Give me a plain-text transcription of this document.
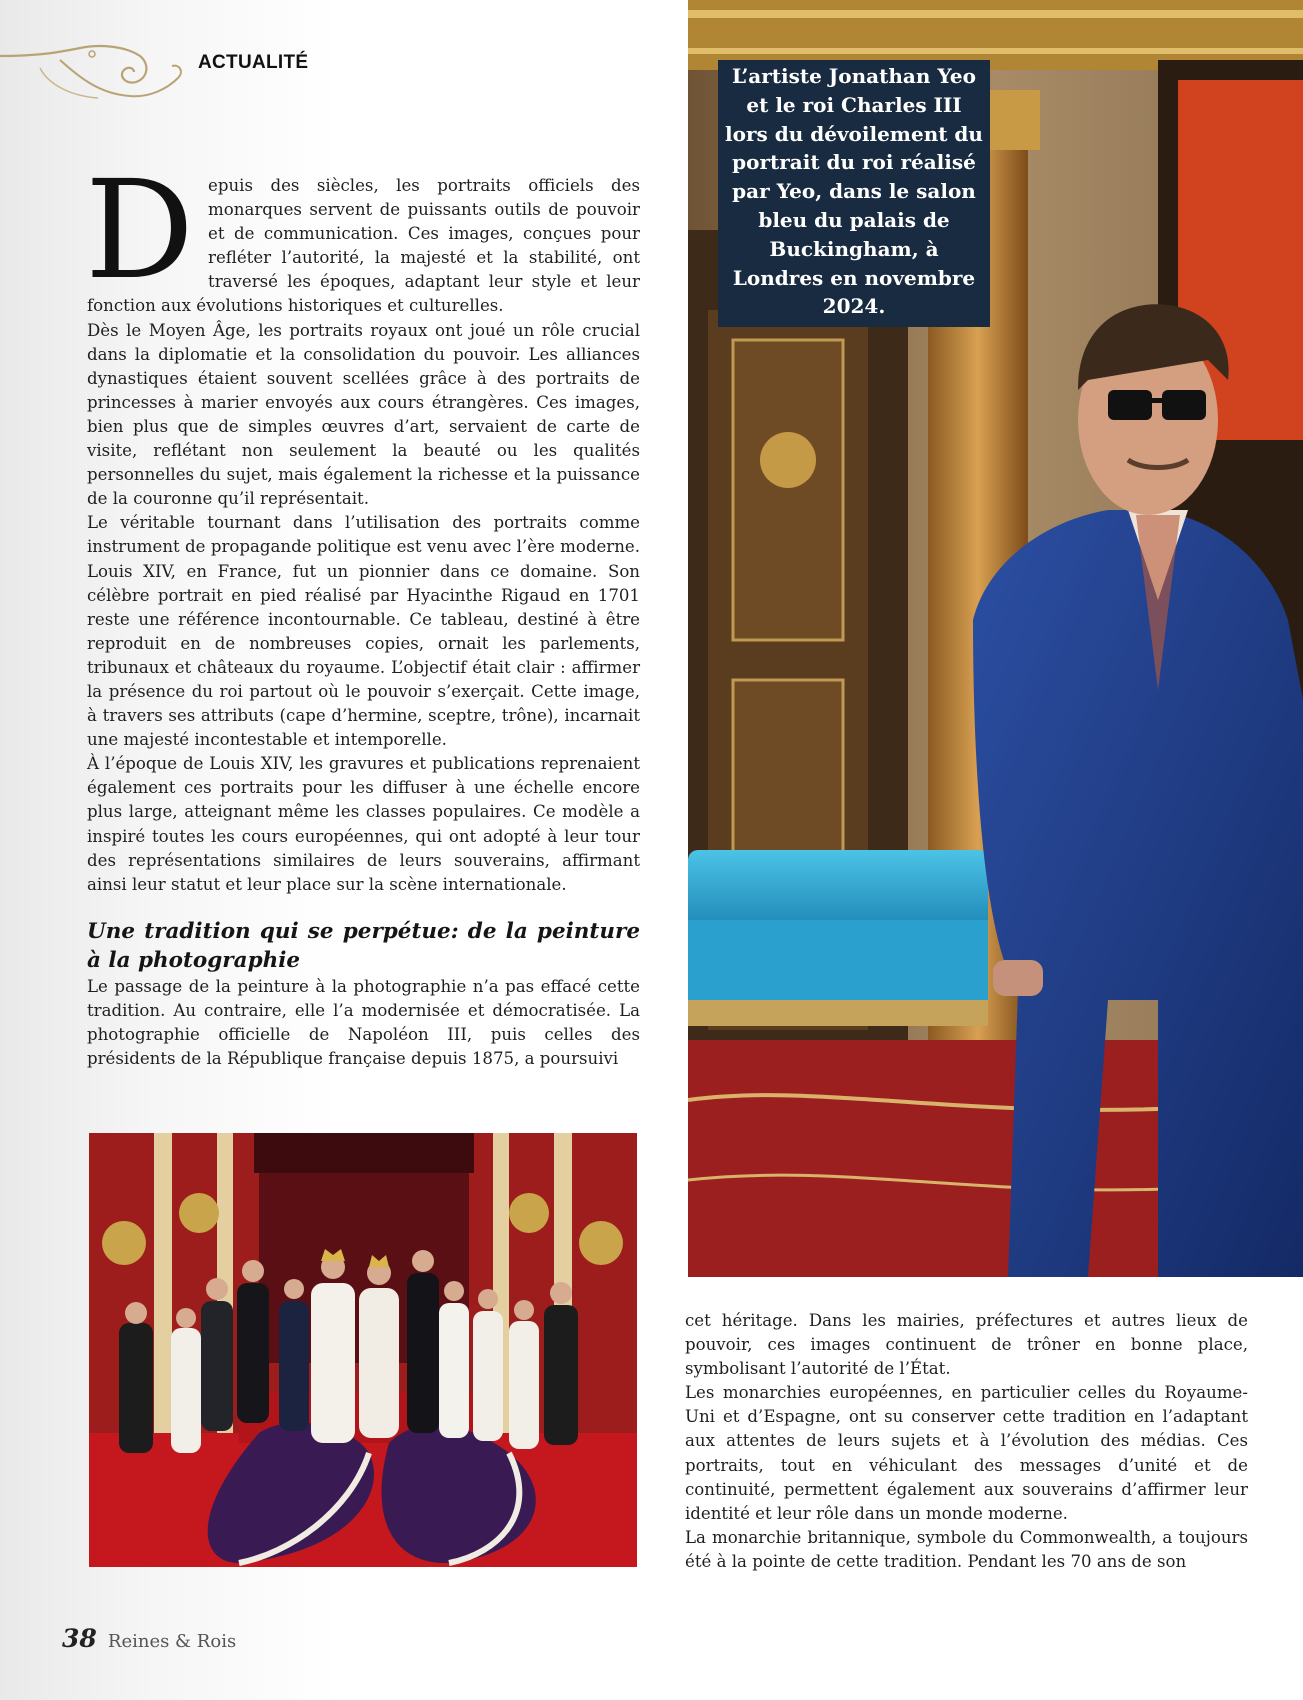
ACTUALITÉ
D epuis des siècles, les portraits officiels des monarques servent de puissants outils de pouvoir et de communication. Ces images, conçues pour refléter l’autorité, la majesté et la stabilité, ont traversé les époques, adaptant leur style et leur fonction aux évolutions historiques et culturelles.

Dès le Moyen Âge, les portraits royaux ont joué un rôle crucial dans la diplomatie et la consolidation du pouvoir. Les alliances dynastiques étaient souvent scellées grâce à des portraits de princesses à marier envoyés aux cours étrangères. Ces images, bien plus que de simples œuvres d’art, servaient de carte de visite, reflétant non seulement la beauté ou les qualités personnelles du sujet, mais également la richesse et la puissance de la couronne qu’il représentait.

Le véritable tournant dans l’utilisation des portraits comme instrument de propagande politique est venu avec l’ère moderne. Louis XIV, en France, fut un pionnier dans ce domaine. Son célèbre portrait en pied réalisé par Hyacinthe Rigaud en 1701 reste une référence incontournable. Ce tableau, destiné à être reproduit en de nombreuses copies, ornait les parlements, tribunaux et châteaux du royaume. L’objectif était clair : affirmer la présence du roi partout où le pouvoir s’exerçait. Cette image, à travers ses attributs (cape d’hermine, sceptre, trône), incarnait une majesté incontestable et intemporelle.

À l’époque de Louis XIV, les gravures et publications reprenaient également ces portraits pour les diffuser à une échelle encore plus large, atteignant même les classes populaires. Ce modèle a inspiré toutes les cours européennes, qui ont adopté à leur tour des représentations similaires de leurs souverains, affirmant ainsi leur statut et leur place sur la scène internationale.

Une tradition qui se perpétue: de la peinture à la photographie

Le passage de la peinture à la photographie n’a pas effacé cette tradition. Au contraire, elle l’a modernisée et démocratisée. La photographie officielle de Napoléon III, puis celles des présidents de la République française depuis 1875, a poursuivi

L’artiste Jonathan Yeo et le roi Charles III lors du dévoilement du portrait du roi réalisé par Yeo, dans le salon bleu du palais de Buckingham, à Londres en novembre 2024.

cet héritage. Dans les mairies, préfectures et autres lieux de pouvoir, ces images continuent de trôner en bonne place, symbolisant l’autorité de l’État.

Les monarchies européennes, en particulier celles du Royaume-Uni et d’Espagne, ont su conserver cette tradition en l’adaptant aux attentes de leurs sujets et à l’évolution des médias. Ces portraits, tout en véhiculant des messages d’unité et de continuité, permettent également aux souverains d’affirmer leur identité et leur rôle dans un monde moderne.

La monarchie britannique, symbole du Commonwealth, a toujours été à la pointe de cette tradition. Pendant les 70 ans de son

38 Reines & Rois
